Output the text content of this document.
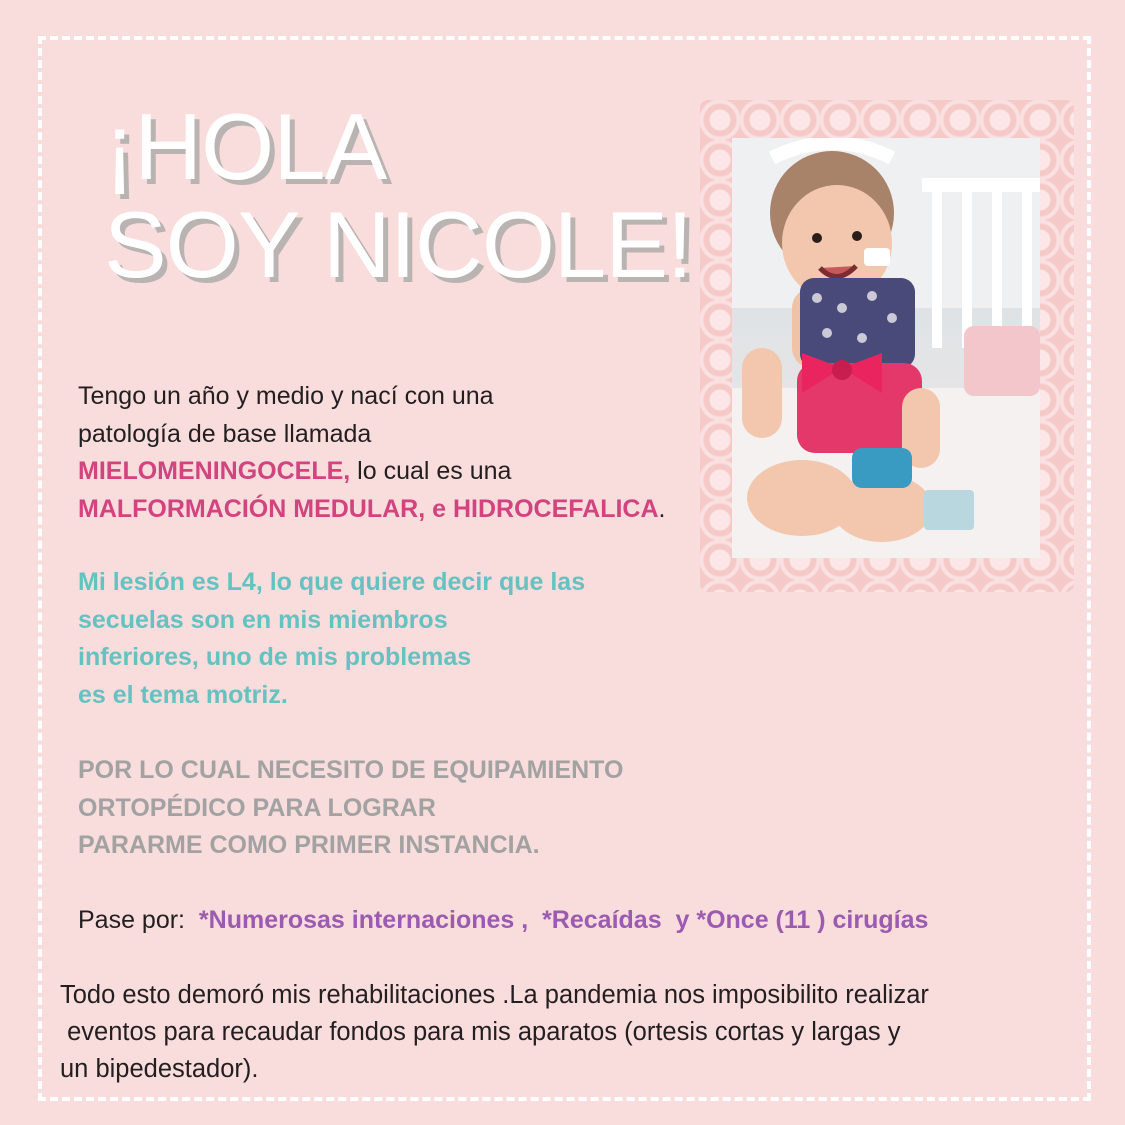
¡HOLA
SOY NICOLE!
Tengo un año y medio y nací con una
patología de base llamada
MIELOMENINGOCELE, lo cual es una
MALFORMACIÓN MEDULAR, e HIDROCEFALICA.
Mi lesión es L4, lo que quiere decir que las
secuelas son en mis miembros
inferiores, uno de mis problemas
es el tema motriz.
POR LO CUAL NECESITO DE EQUIPAMIENTO
ORTOPÉDICO PARA LOGRAR
PARARME COMO PRIMER INSTANCIA.
Pase por:  *Numerosas internaciones ,  *Recaídas  y *Once (11 ) cirugías
Todo esto demoró mis rehabilitaciones .La pandemia nos imposibilito realizar
eventos para recaudar fondos para mis aparatos (ortesis cortas y largas y
un bipedestador).
